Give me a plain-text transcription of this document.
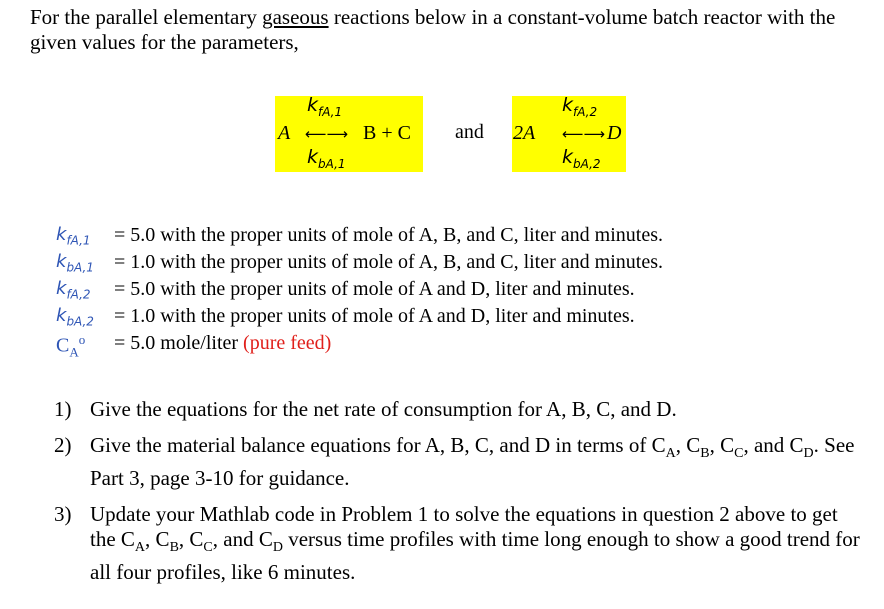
For the parallel elementary gaseous reactions below in a constant-volume batch reactor with the given values for the parameters,
$k_{fA,1}$
A ⟵⟶ B + C
$k_{bA,1}$
and
$k_{fA,2}$
2A ⟵⟶ D
$k_{bA,2}$
$k_{fA,1} = 5.0$ with the proper units of mole of A, B, and C, liter and minutes.
$k_{bA,1} = 1.0$ with the proper units of mole of A, B, and C, liter and minutes.
$k_{fA,2} = 5.0$ with the proper units of mole of A and D, liter and minutes.
$k_{bA,2} = 1.0$ with the proper units of mole of A and D, liter and minutes.
$C_A^o = 5.0$ mole/liter (pure feed)
1) Give the equations for the net rate of consumption for A, B, C, and D.
2) Give the material balance equations for A, B, C, and D in terms of $C_A$, $C_B$, $C_C$, and $C_D$. See Part 3, page 3-10 for guidance.
3) Update your Mathlab code in Problem 1 to solve the equations in question 2 above to get the $C_A$, $C_B$, $C_C$, and $C_D$ versus time profiles with time long enough to show a good trend for all four profiles, like 6 minutes.
